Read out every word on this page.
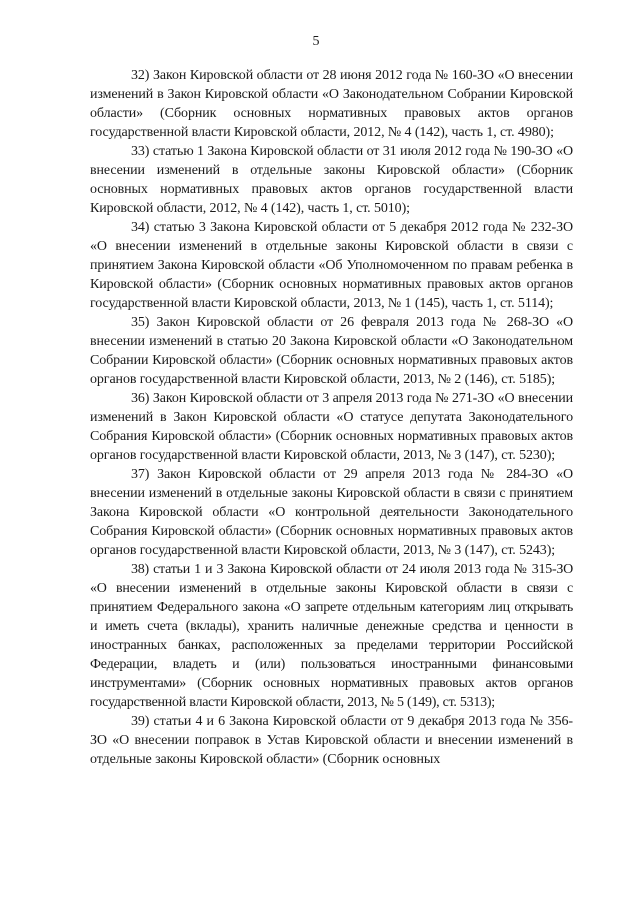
5

32) Закон Кировской области от 28 июня 2012 года № 160-ЗО «О внесении изменений в Закон Кировской области «О Законодательном Собрании Кировской области» (Сборник основных нормативных правовых актов органов государственной власти Кировской области, 2012, № 4 (142), часть 1, ст. 4980);

33) статью 1 Закона Кировской области от 31 июля 2012 года № 190-ЗО «О внесении изменений в отдельные законы Кировской области» (Сборник основных нормативных правовых актов органов государственной власти Кировской области, 2012, № 4 (142), часть 1, ст. 5010);

34) статью 3 Закона Кировской области от 5 декабря 2012 года № 232-ЗО «О внесении изменений в отдельные законы Кировской области в связи с принятием Закона Кировской области «Об Уполномоченном по правам ребенка в Кировской области» (Сборник основных нормативных правовых актов органов государственной власти Кировской области, 2013, № 1 (145), часть 1, ст. 5114);

35) Закон Кировской области от 26 февраля 2013 года № 268-ЗО «О внесении изменений в статью 20 Закона Кировской области «О Законодательном Собрании Кировской области» (Сборник основных нормативных правовых актов органов государственной власти Кировской области, 2013, № 2 (146), ст. 5185);

36) Закон Кировской области от 3 апреля 2013 года № 271-ЗО «О внесении изменений в Закон Кировской области «О статусе депутата Законодательного Собрания Кировской области» (Сборник основных нормативных правовых актов органов государственной власти Кировской области, 2013, № 3 (147), ст. 5230);

37) Закон Кировской области от 29 апреля 2013 года № 284-ЗО «О внесении изменений в отдельные законы Кировской области в связи с принятием Закона Кировской области «О контрольной деятельности Законодательного Собрания Кировской области» (Сборник основных нормативных правовых актов органов государственной власти Кировской области, 2013, № 3 (147), ст. 5243);

38) статьи 1 и 3 Закона Кировской области от 24 июля 2013 года № 315-ЗО «О внесении изменений в отдельные законы Кировской области в связи с принятием Федерального закона «О запрете отдельным категориям лиц открывать и иметь счета (вклады), хранить наличные денежные средства и ценности в иностранных банках, расположенных за пределами территории Российской Федерации, владеть и (или) пользоваться иностранными финансовыми инструментами» (Сборник основных нормативных правовых актов органов государственной власти Кировской области, 2013, № 5 (149), ст. 5313);

39) статьи 4 и 6 Закона Кировской области от 9 декабря 2013 года № 356-ЗО «О внесении поправок в Устав Кировской области и внесении изменений в отдельные законы Кировской области» (Сборник основных
